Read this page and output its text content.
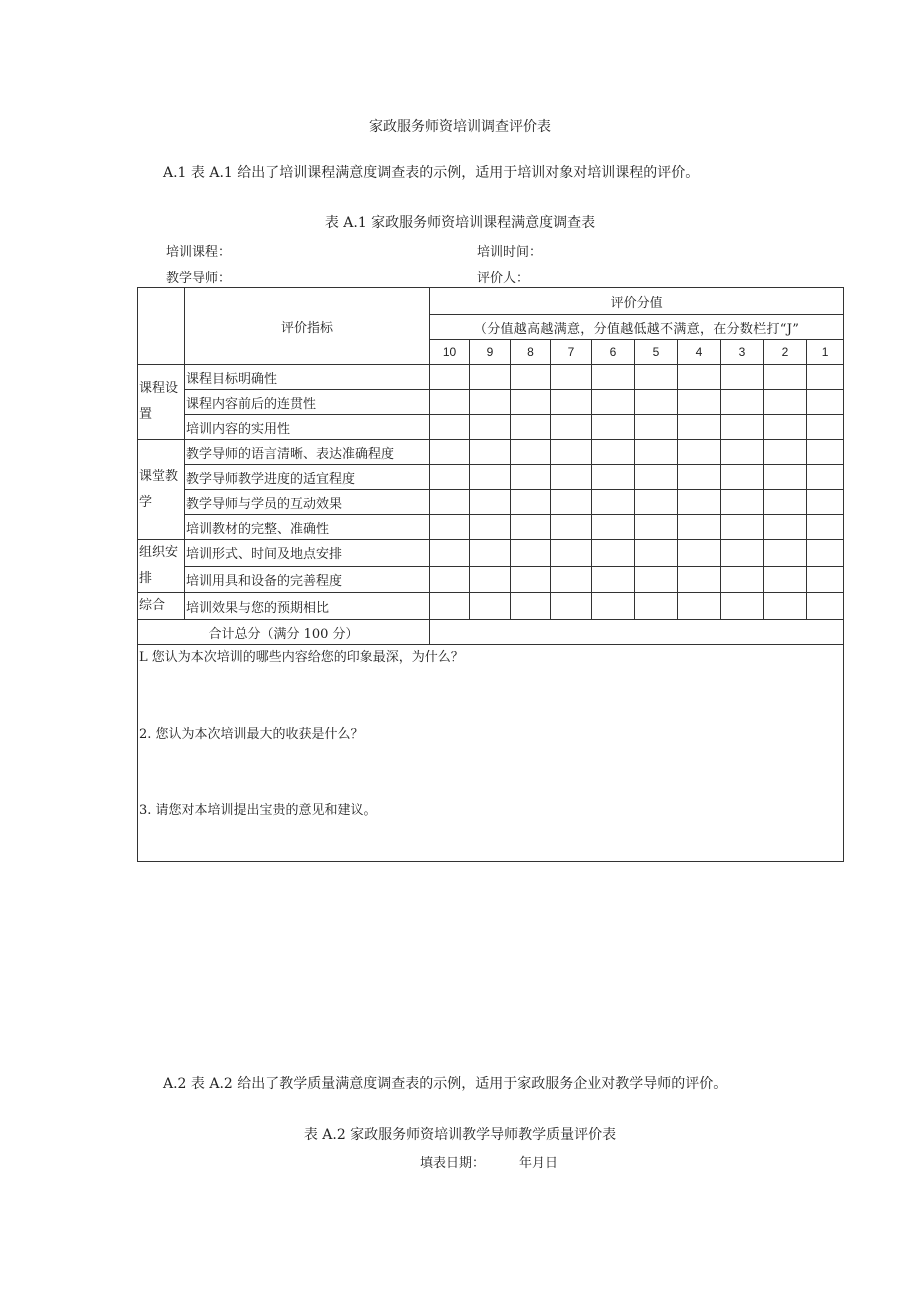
家政服务师资培训调查评价表
A.1 表 A.1 给出了培训课程满意度调查表的示例，适用于培训对象对培训课程的评价。
表 A.1 家政服务师资培训课程满意度调查表
培训课程：	培训时间：
教学导师：	评价人：
	评价指标	评价分值									
		（分值越高越满意，分值越低越不满意，在分数栏打“J”									
		10	9	8	7	6	5	4	3	2	1
课程设置	课程目标明确性										
	课程内容前后的连贯性										
	培训内容的实用性										
课堂教学	教学导师的语言清晰、表达准确程度										
	教学导师教学进度的适宜程度										
	教学导师与学员的互动效果										
	培训教材的完整、准确性										
组织安排	培训形式、时间及地点安排										
	培训用具和设备的完善程度										
综合	培训效果与您的预期相比										
合计总分（满分 100 分）											

L 您认为本次培训的哪些内容给您的印象最深，为什么？
2. 您认为本次培训最大的收获是什么？
3. 请您对本培训提出宝贵的意见和建议。											
A.2 表 A.2 给出了教学质量满意度调查表的示例，适用于家政服务企业对教学导师的评价。
表 A.2 家政服务师资培训教学导师教学质量评价表
填表日期：	年月日
